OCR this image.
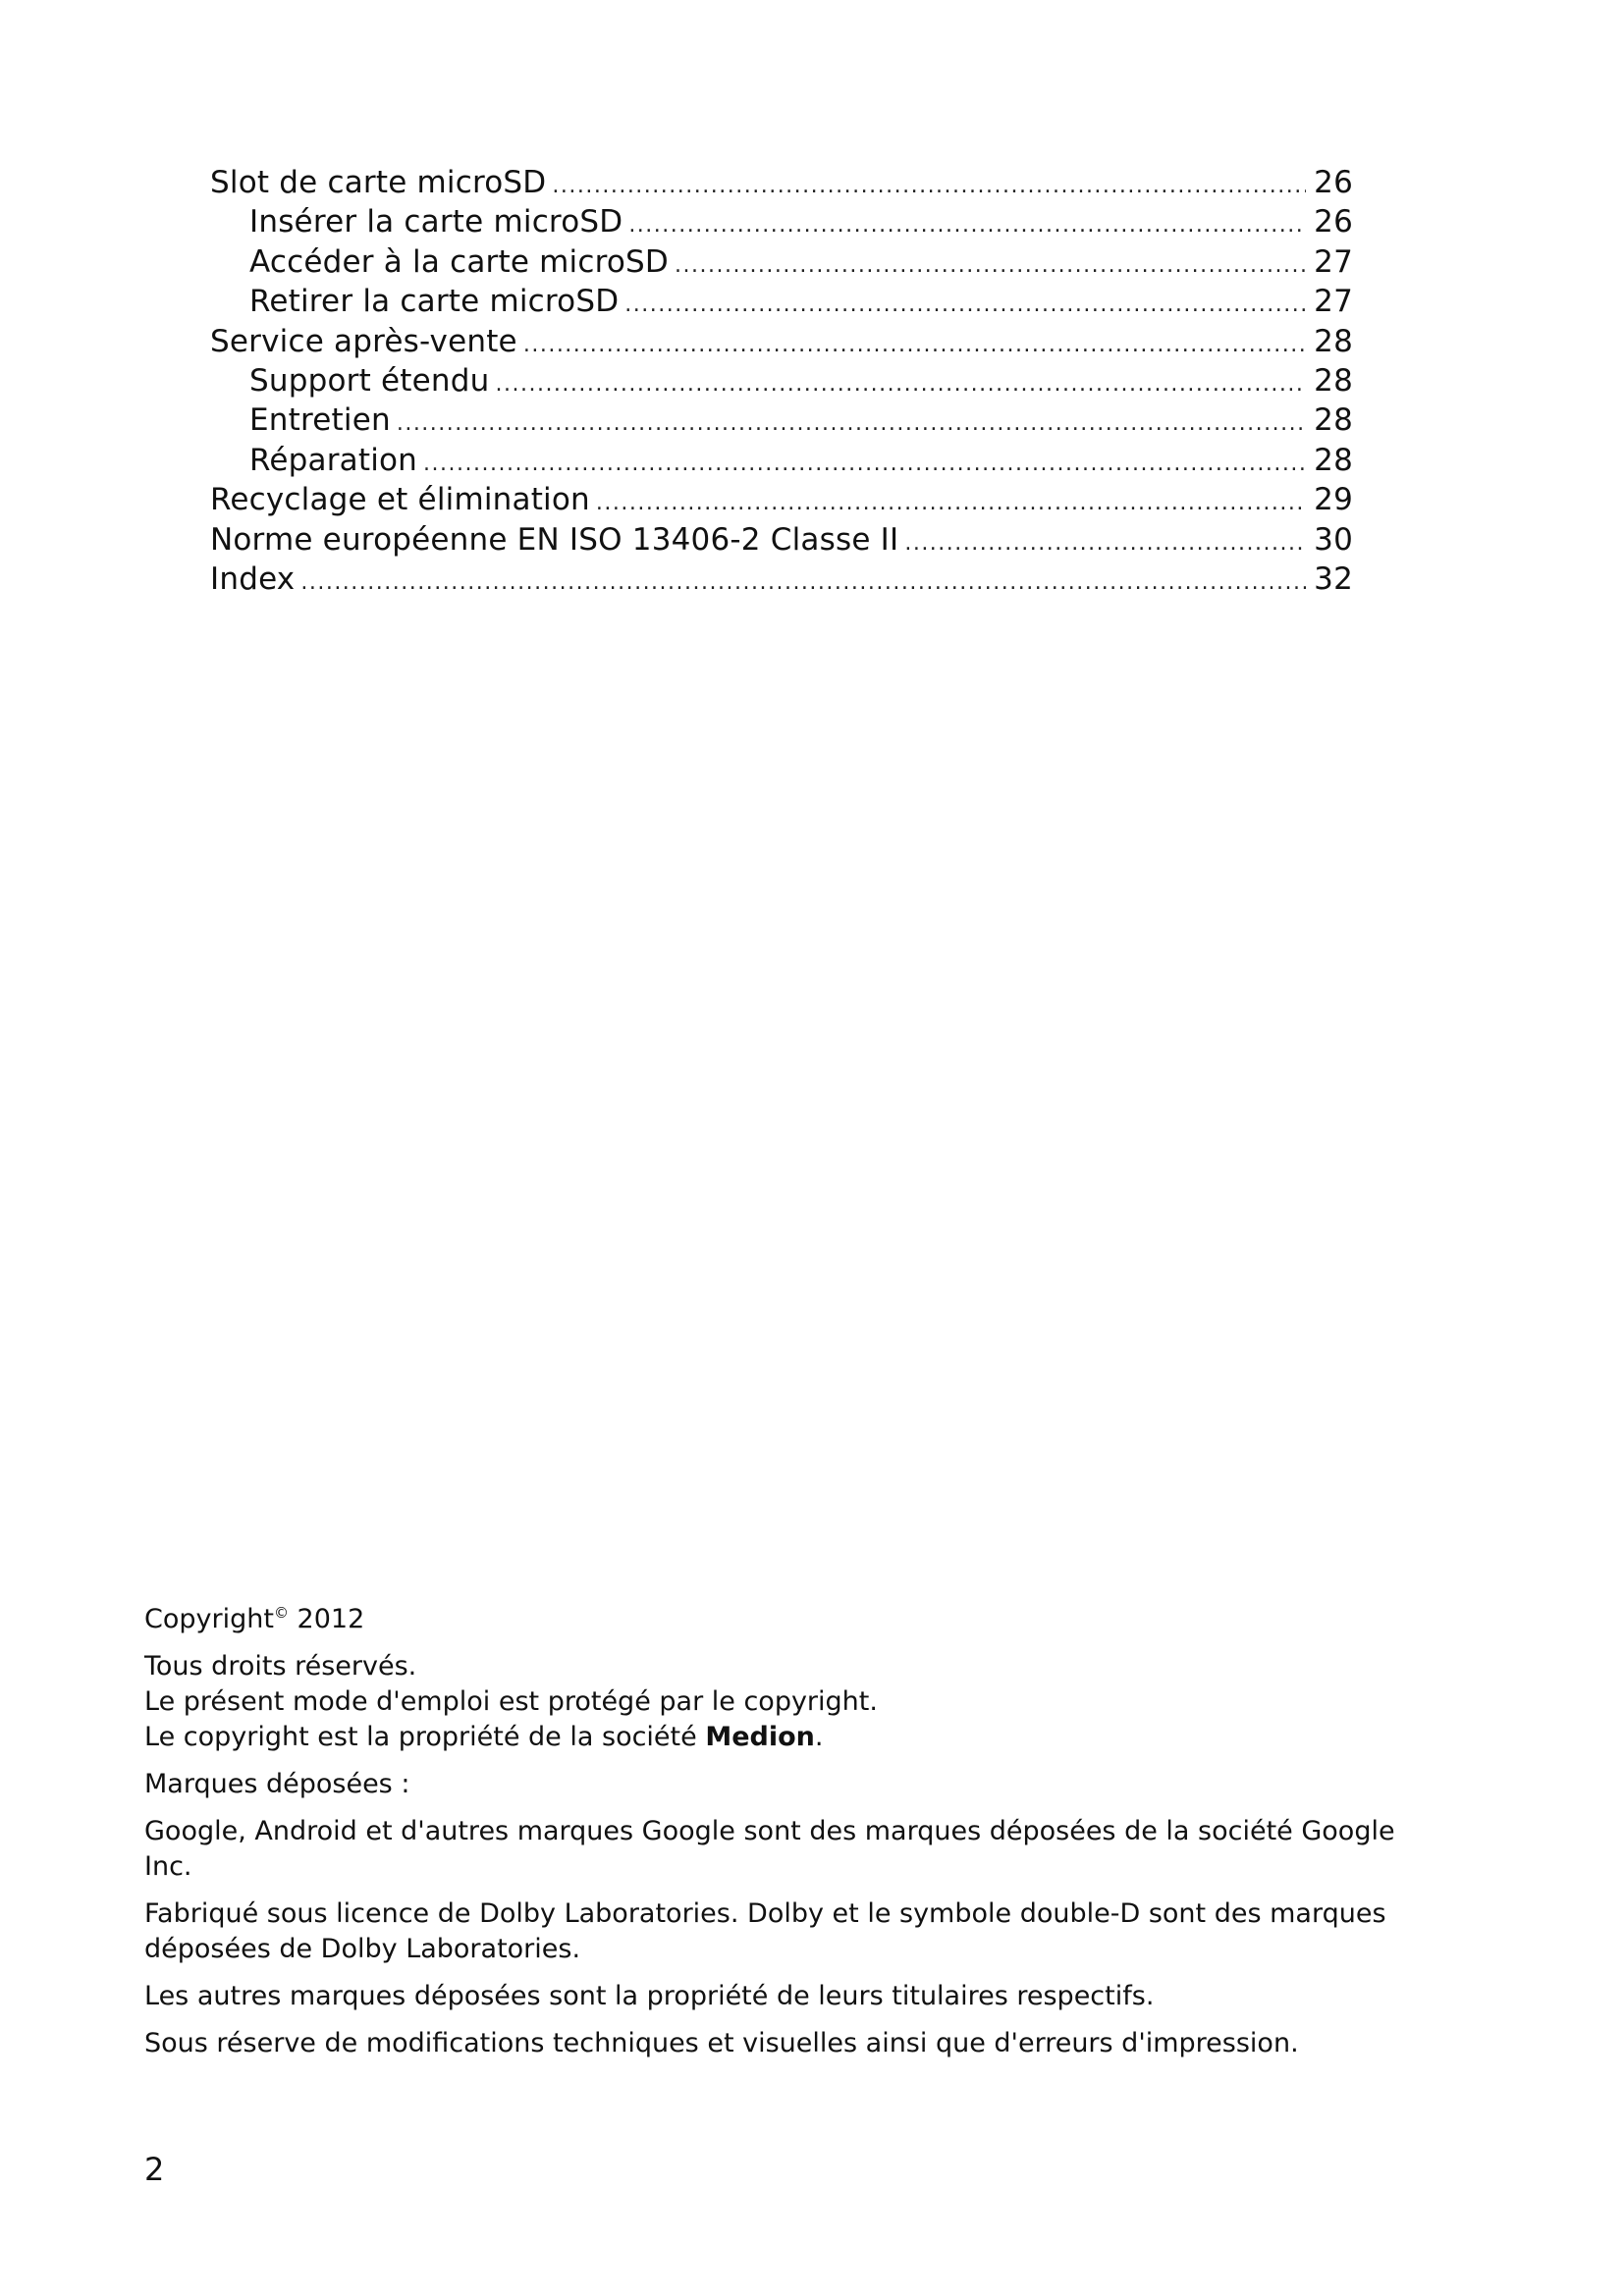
Slot de carte microSD .....	26
Insérer la carte microSD .....	26
Accéder à la carte microSD .....	27
Retirer la carte microSD .....	27
Service après-vente .....	28
Support étendu .....	28
Entretien .....	28
Réparation .....	28
Recyclage et élimination .....	29
Norme européenne EN ISO 13406-2 Classe II .....	30
Index .....	32

Copyright© 2012

Tous droits réservés.

Le présent mode d'emploi est protégé par le copyright.

Le copyright est la propriété de la société Medion.

Marques déposées :

Google, Android et d'autres marques Google sont des marques déposées de la société Google Inc.

Fabriqué sous licence de Dolby Laboratories. Dolby et le symbole double-D sont des marques

déposées de Dolby Laboratories.

Les autres marques déposées sont la propriété de leurs titulaires respectifs.

Sous réserve de modifications techniques et visuelles ainsi que d'erreurs d'impression.

2
